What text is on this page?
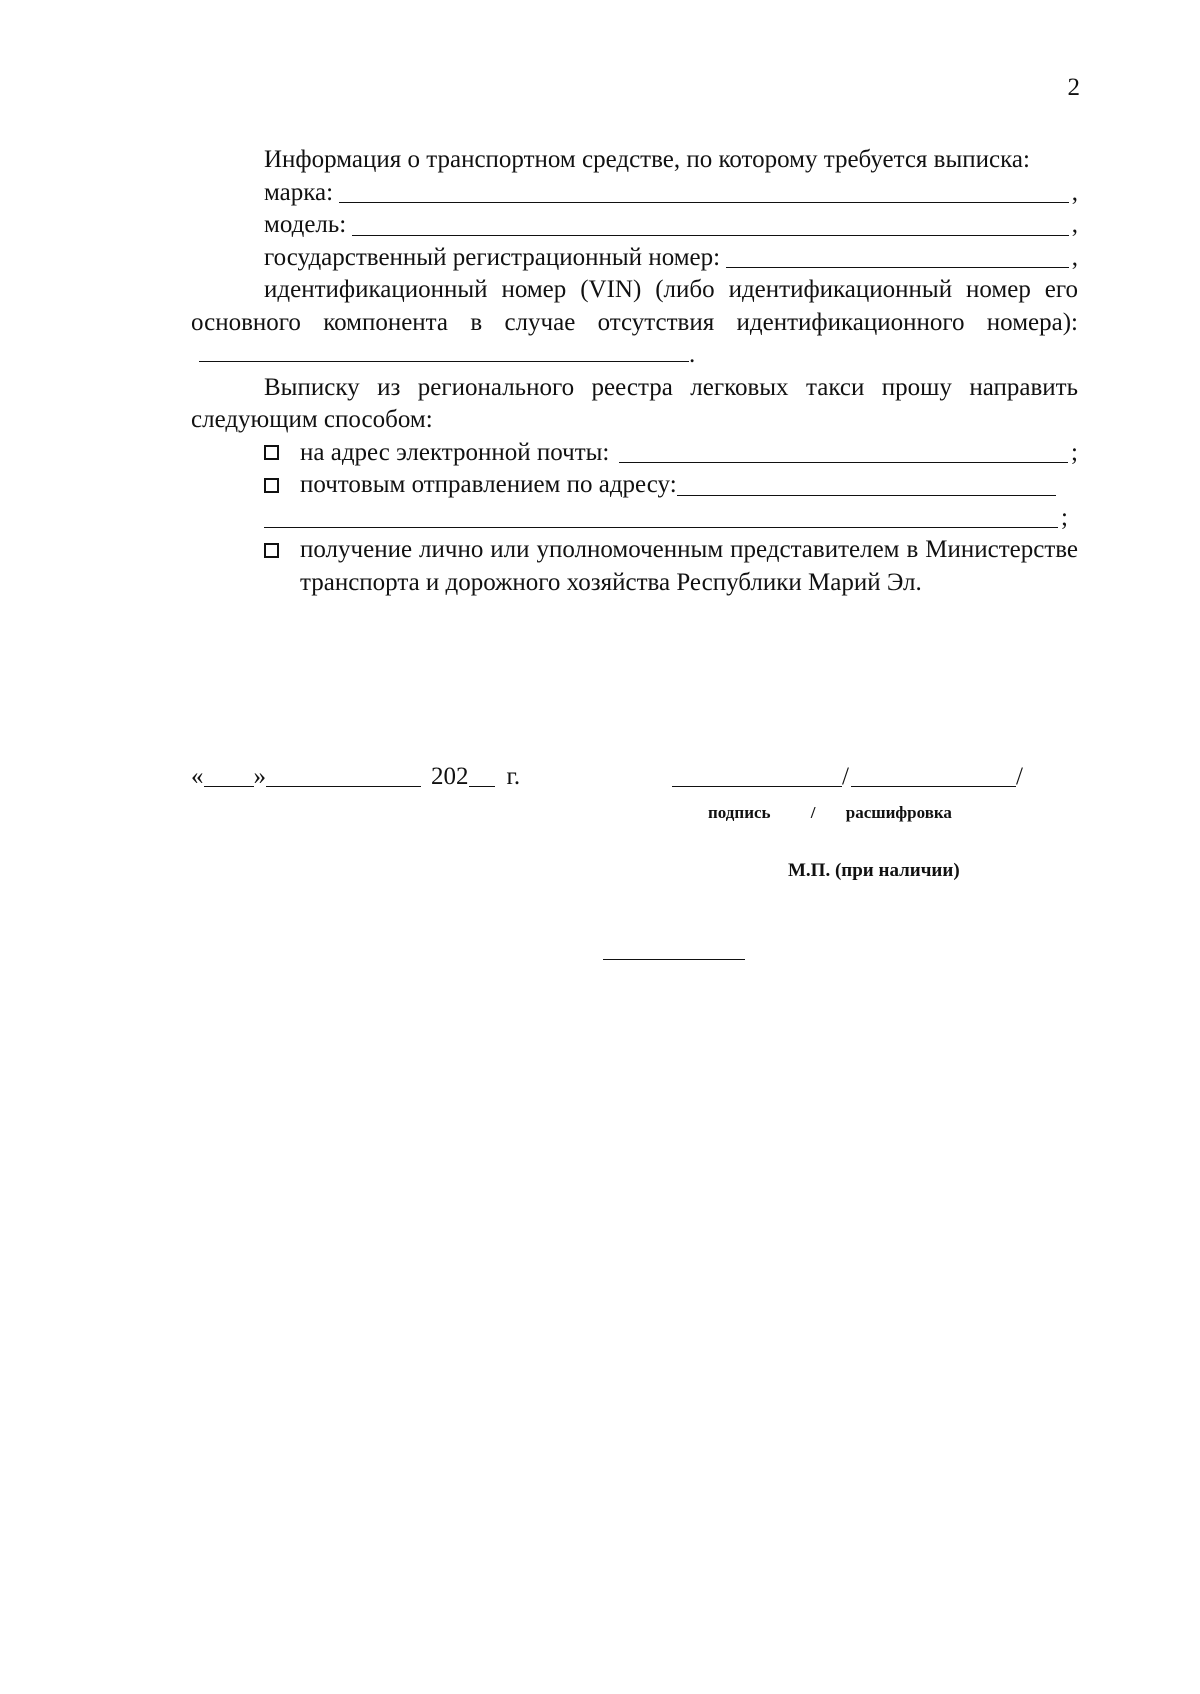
2

Информация о транспортном средстве, по которому требуется выписка:

марка:	,
модель:	,
государственный регистрационный номер:	,

идентификационный номер (VIN) (либо идентификационный номер его основного компонента в случае отсутствия идентификационного номера):.

Выписку из регионального реестра легковых такси прошу направить следующим способом:

на адрес электронной почты:	;
почтовым отправлением по адресу:
;
получение лично или уполномоченным представителем в Министерстве транспорта и дорожного хозяйства Республики Марий Эл.
« »	202 г.	/	/
подпись / расшифровка
М.П. (при наличии)
